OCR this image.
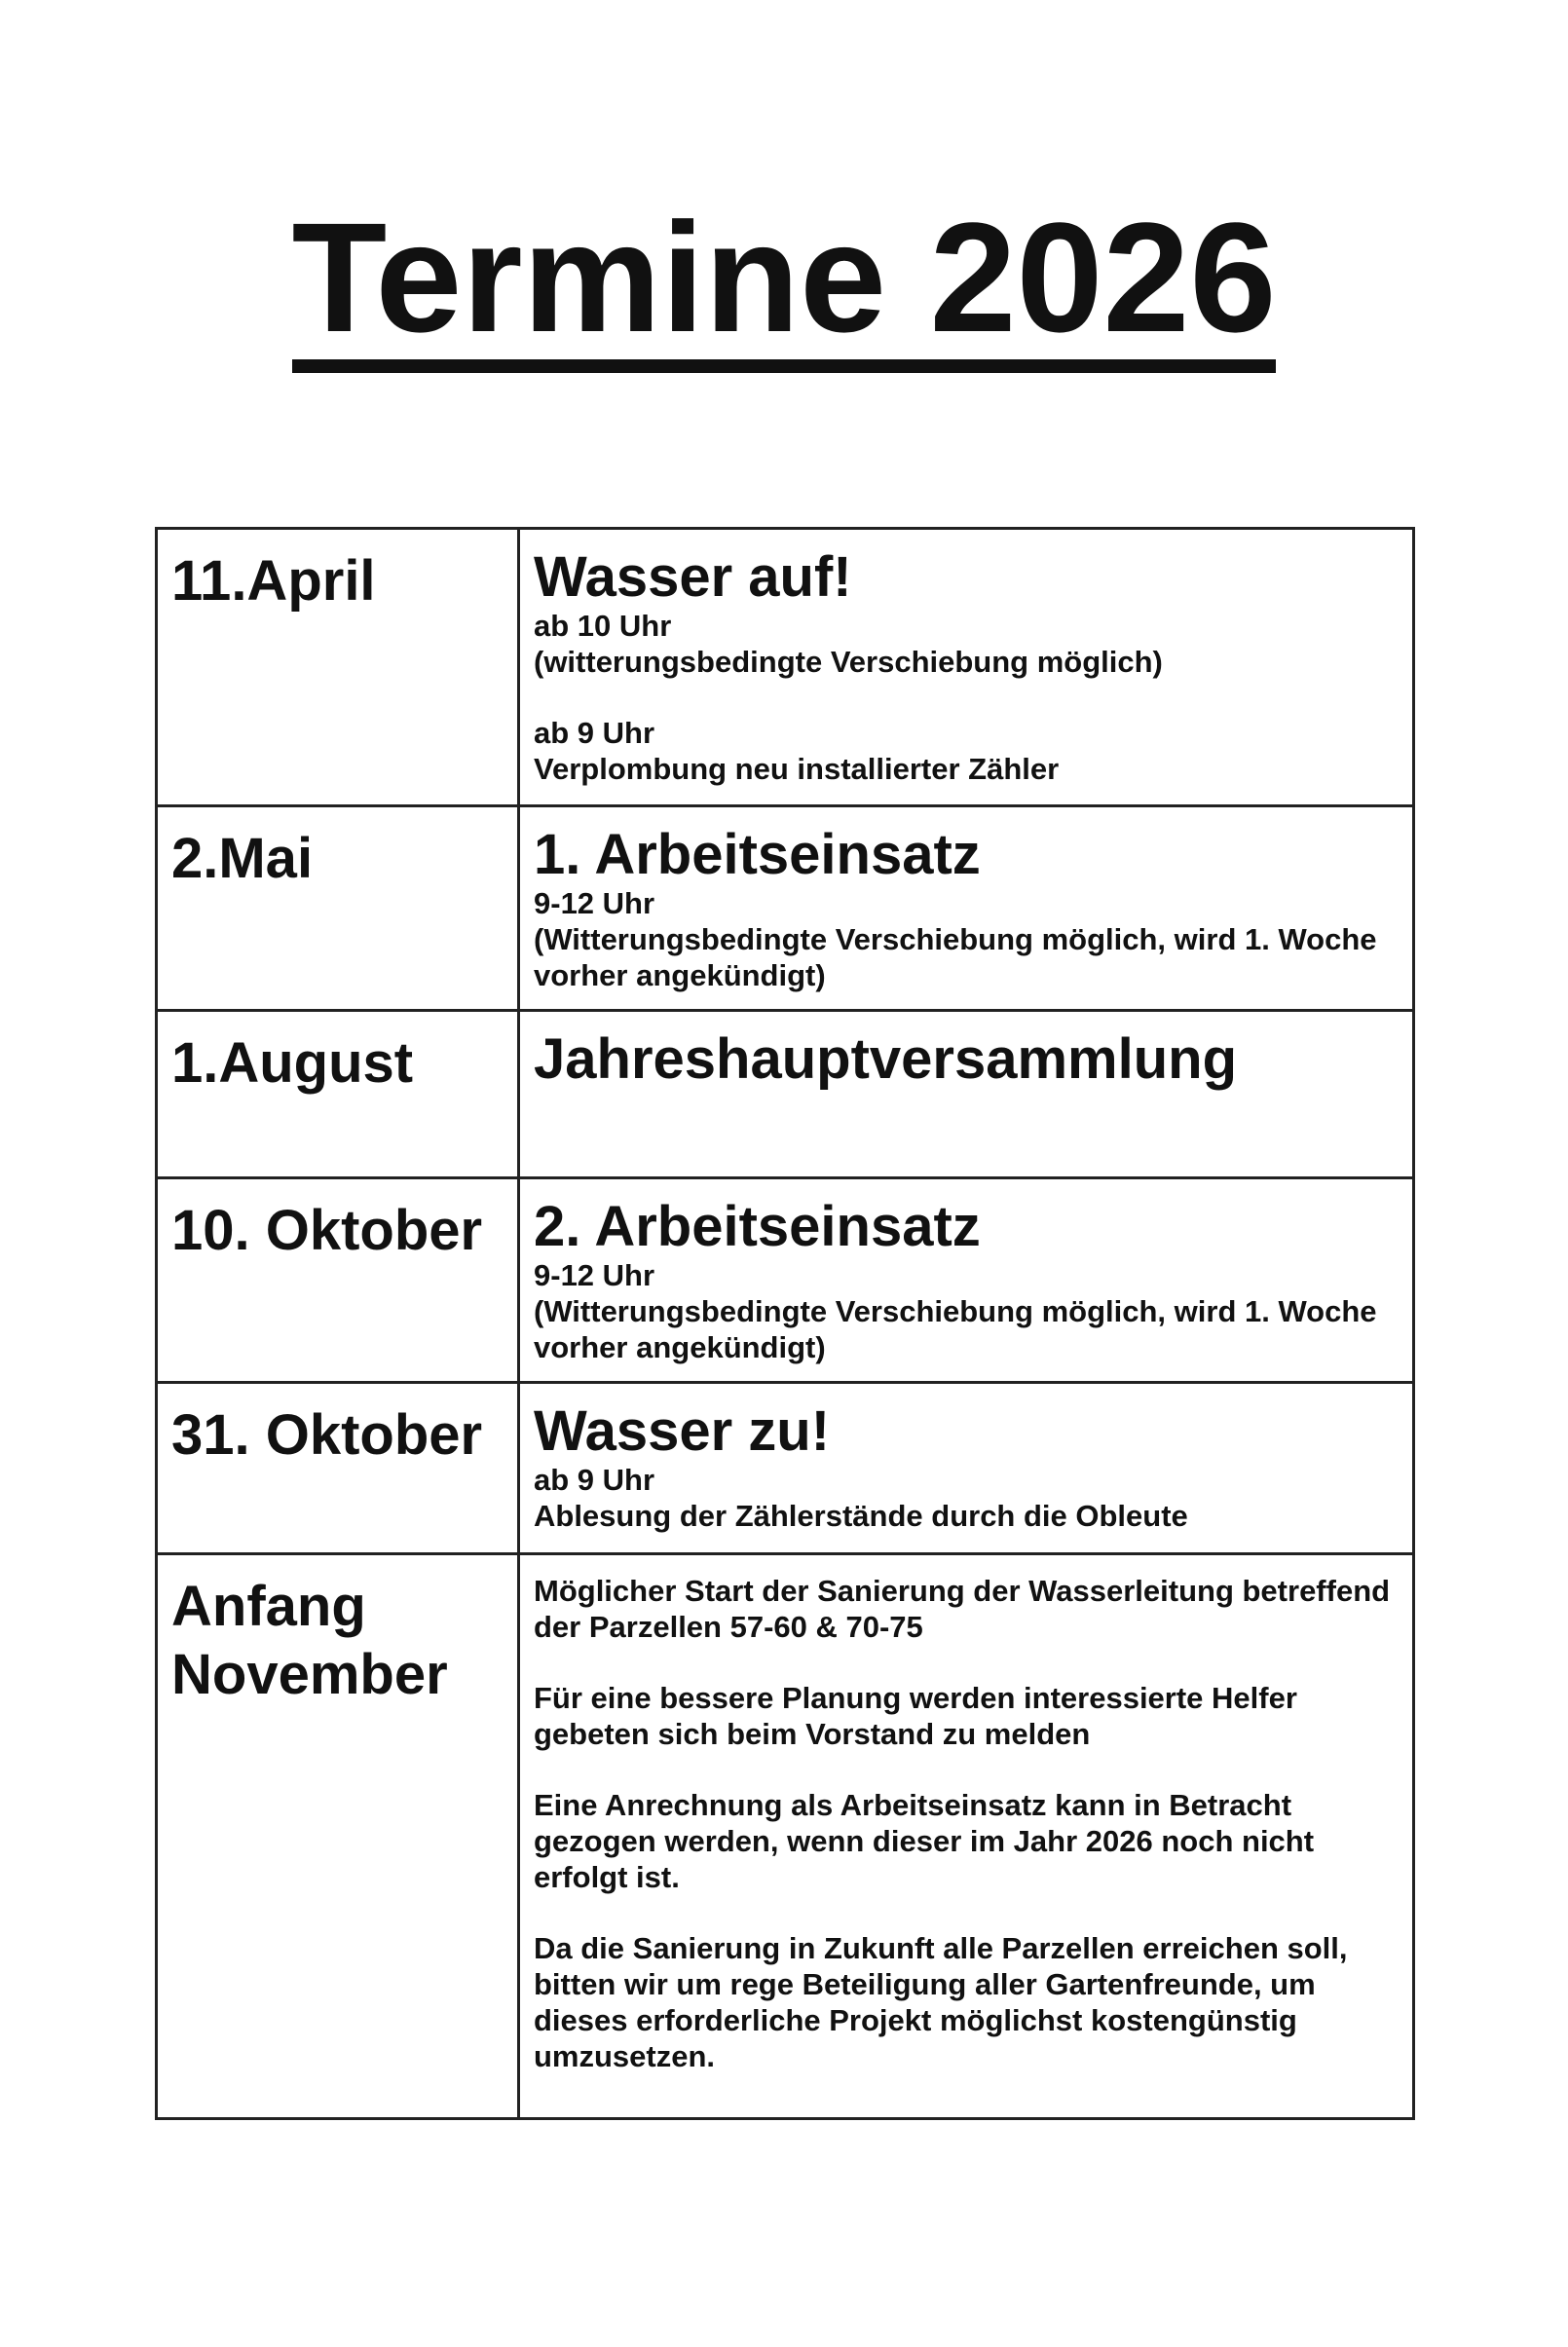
Termine 2026
11.April	Wasser auf!
ab 10 Uhr
(witterungsbedingte Verschiebung möglich)
ab 9 Uhr
Verplombung neu installierter Zähler

2.Mai	1. Arbeitseinsatz
9-12 Uhr
(Witterungsbedingte Verschiebung möglich, wird 1. Woche vorher angekündigt)

1.August	Jahreshauptversammlung

10. Oktober	2. Arbeitseinsatz
9-12 Uhr
(Witterungsbedingte Verschiebung möglich, wird 1. Woche vorher angekündigt)

31. Oktober	Wasser zu!
ab 9 Uhr
Ablesung der Zählerstände durch die Obleute

Anfang November	Möglicher Start der Sanierung der Wasserleitung betreffend der Parzellen 57-60 & 70-75
Für eine bessere Planung werden interessierte Helfer gebeten sich beim Vorstand zu melden
Eine Anrechnung als Arbeitseinsatz kann in Betracht gezogen werden, wenn dieser im Jahr 2026 noch nicht erfolgt ist.
Da die Sanierung in Zukunft alle Parzellen erreichen soll, bitten wir um rege Beteiligung aller Gartenfreunde, um dieses erforderliche Projekt möglichst kostengünstig umzusetzen.
